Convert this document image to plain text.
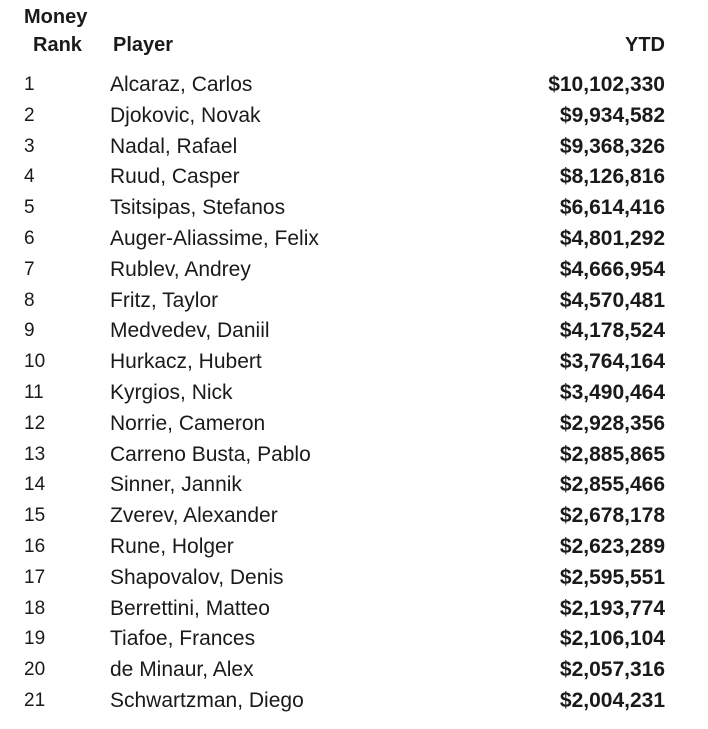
Money
Rank Player	YTD
1	Alcaraz, Carlos	$10,102,330
2	Djokovic, Novak	$9,934,582
3	Nadal, Rafael	$9,368,326
4	Ruud, Casper	$8,126,816
5	Tsitsipas, Stefanos	$6,614,416
6	Auger-Aliassime, Felix	$4,801,292
7	Rublev, Andrey	$4,666,954
8	Fritz, Taylor	$4,570,481
9	Medvedev, Daniil	$4,178,524
10	Hurkacz, Hubert	$3,764,164
11	Kyrgios, Nick	$3,490,464
12	Norrie, Cameron	$2,928,356
13	Carreno Busta, Pablo	$2,885,865
14	Sinner, Jannik	$2,855,466
15	Zverev, Alexander	$2,678,178
16	Rune, Holger	$2,623,289
17	Shapovalov, Denis	$2,595,551
18	Berrettini, Matteo	$2,193,774
19	Tiafoe, Frances	$2,106,104
20	de Minaur, Alex	$2,057,316
21	Schwartzman, Diego	$2,004,231
